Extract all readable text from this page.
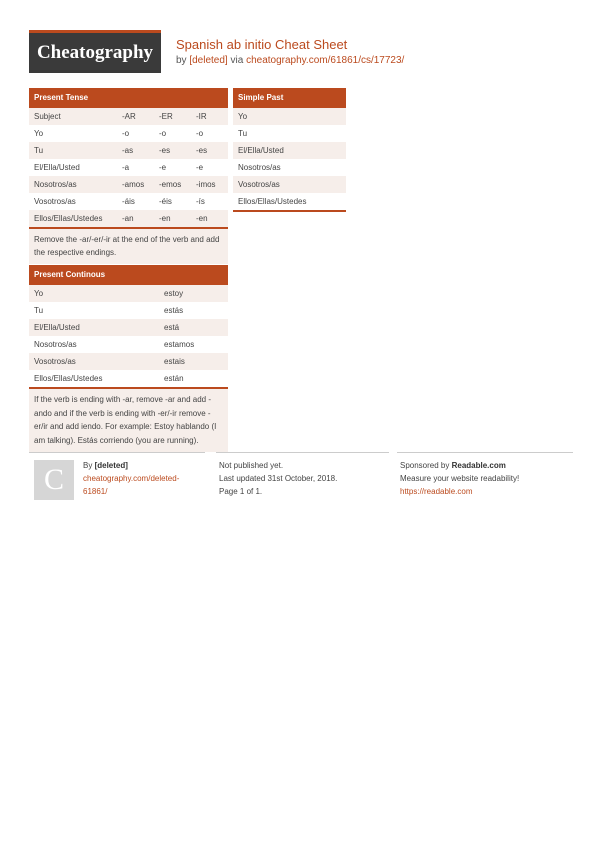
Cheatography	Spanish ab initio Cheat Sheet
by [deleted] via cheatography.com/61861/cs/17723/
Present Tense
Subject	-AR	-ER	-IR
Yo	-o	-o	-o
Tu	-as	-es	-es
El/Ella/Usted	-a	-e	-e
Nosotros/as	-amos	-emos	-imos
Vosotros/as	-áis	-éis	-ís
Ellos/Ellas/Ustedes	-an	-en	-en
Remove the -ar/-er/-ir at the end of the verb and add the respective endings.
Present Continous
Yo	estoy
Tu	estás
El/Ella/Usted	está
Nosotros/as	estamos
Vosotros/as	estais
Ellos/Ellas/Ustedes	están
If the verb is ending with -ar, remove -ar and add -ando and if the verb is ending with -er/-ir remove -er/ir and add iendo. For example: Estoy hablando (I am talking). Estás corriendo (you are running).
Simple Past
Yo
Tu
El/Ella/Usted
Nosotros/as
Vosotros/as
Ellos/Ellas/Ustedes
C	By [deleted]
cheatography.com/deleted-
61861/
Not published yet.
Last updated 31st October, 2018.
Page 1 of 1.
Sponsored by Readable.com
Measure your website readability!
https://readable.com
